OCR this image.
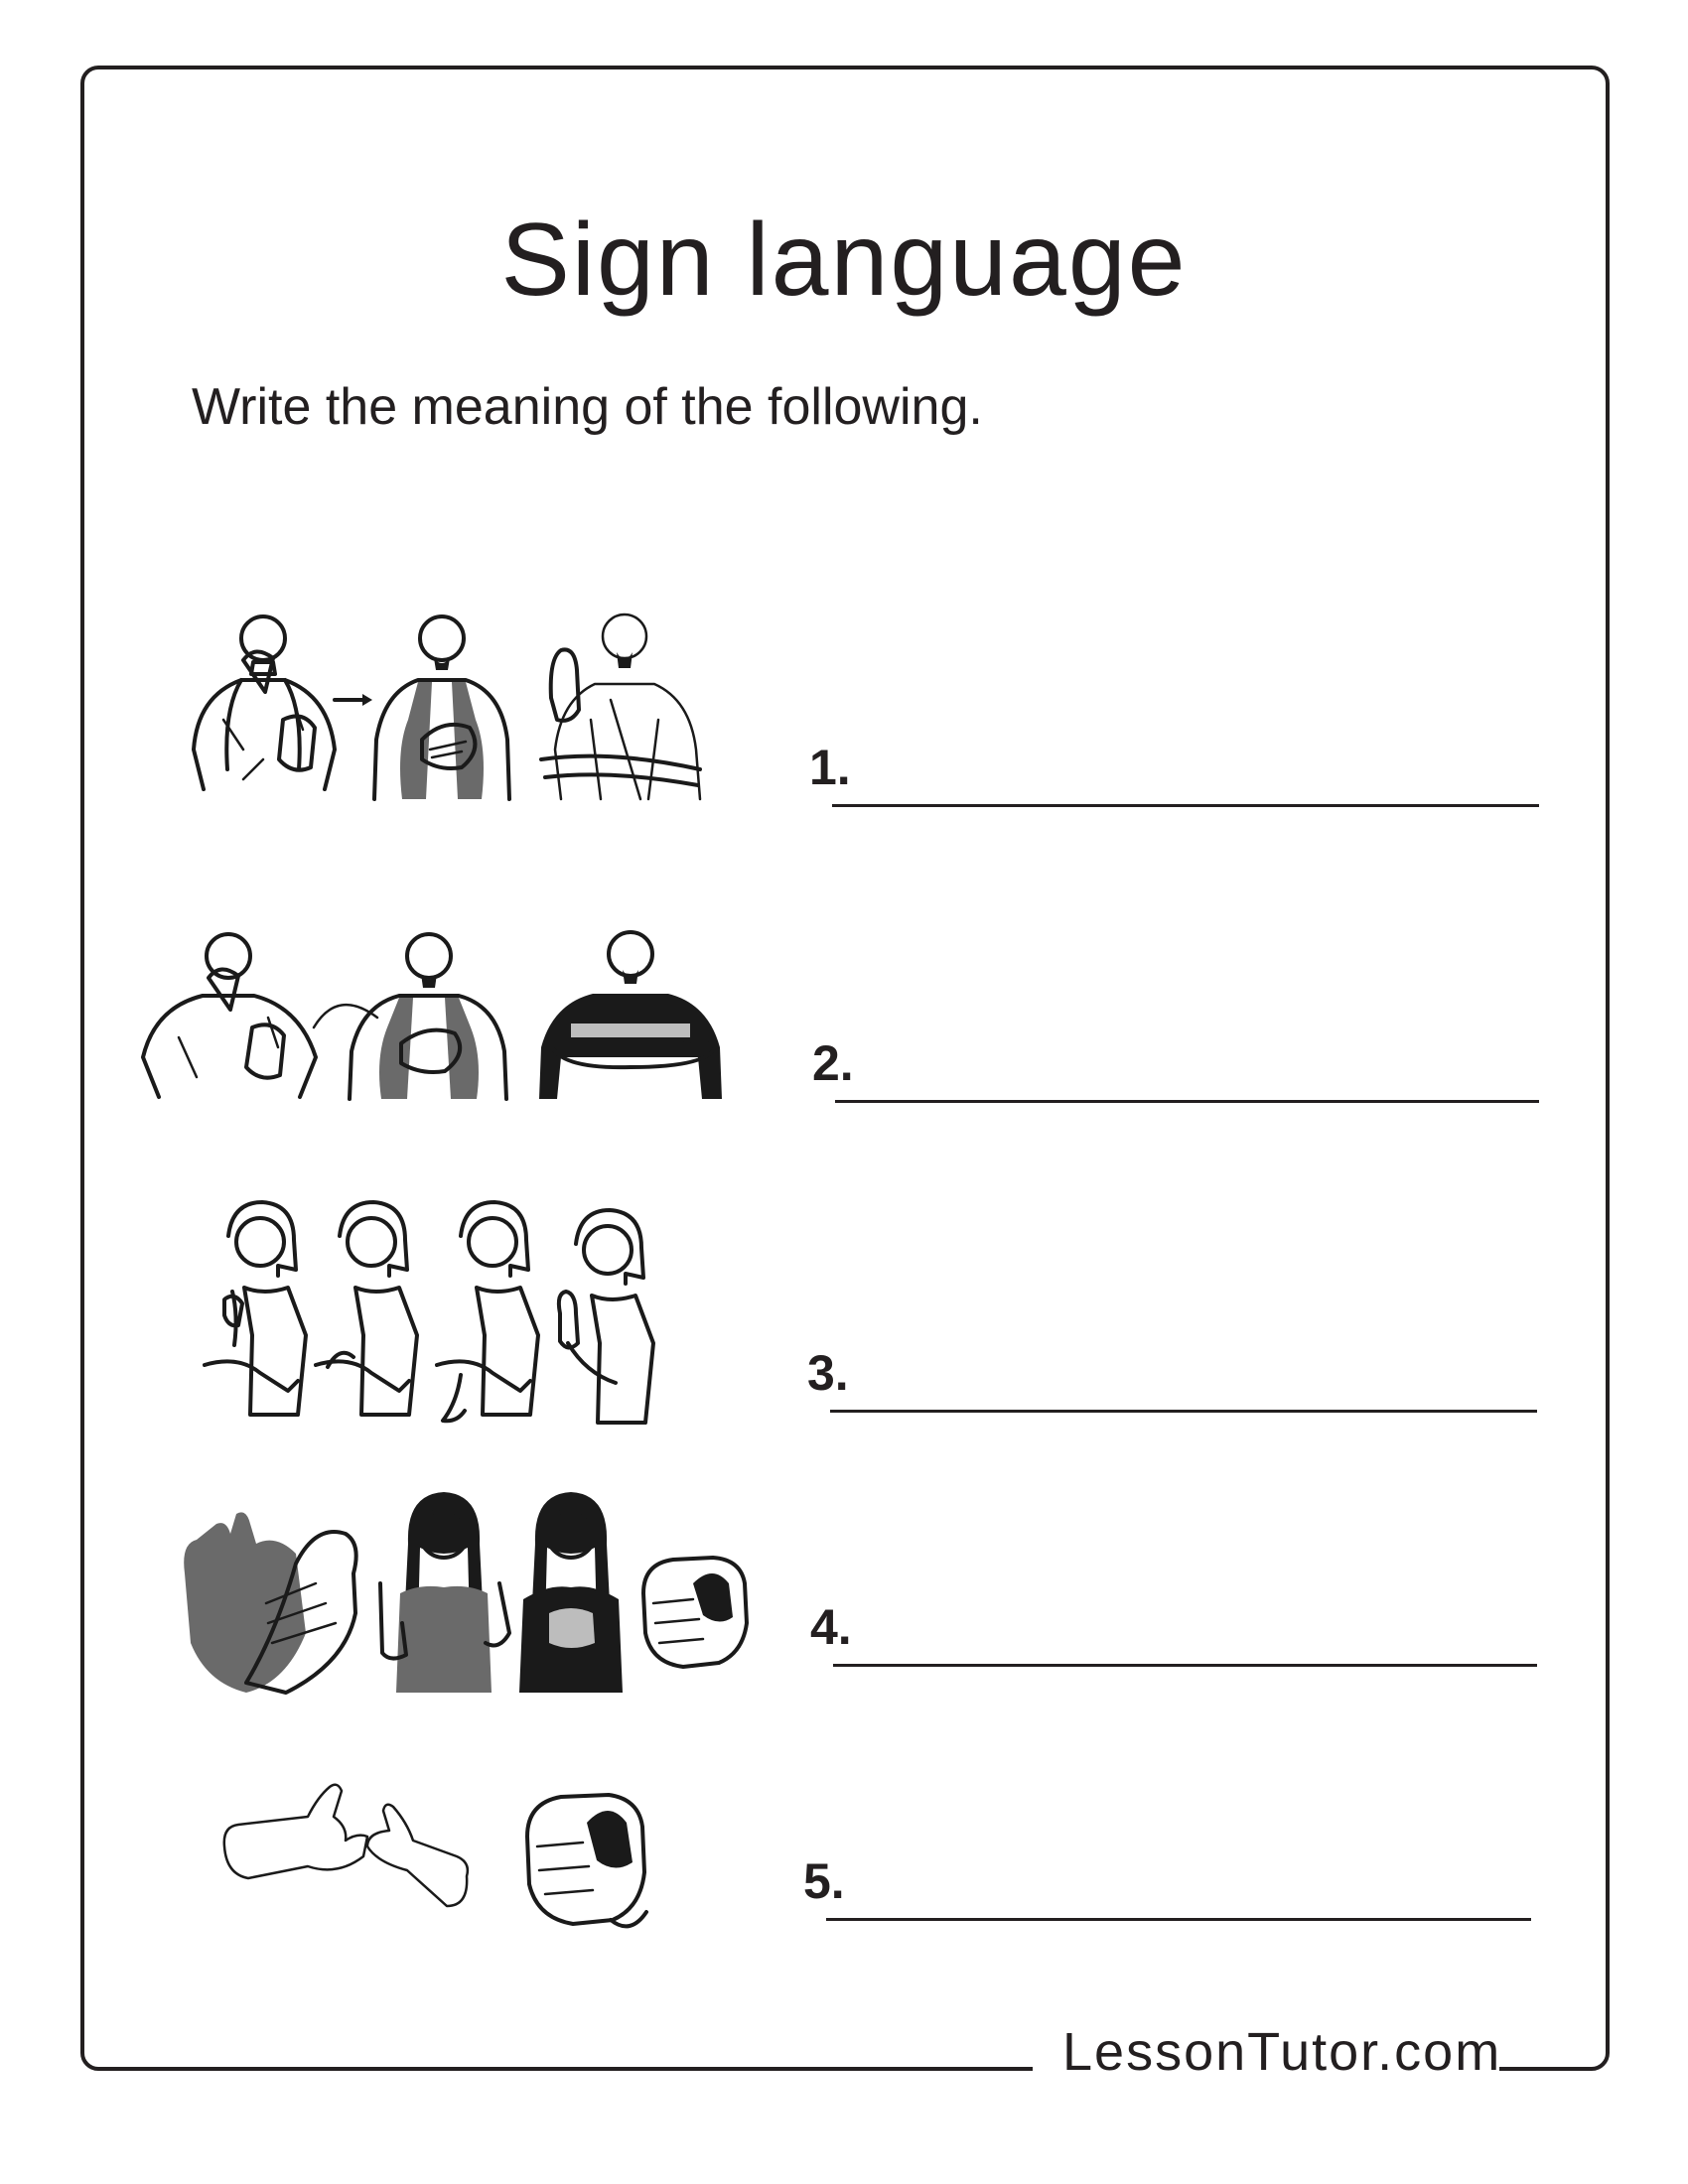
LessonTutor.com
Sign language
Write the meaning of the following.
1.
2.
3.
4.
5.
